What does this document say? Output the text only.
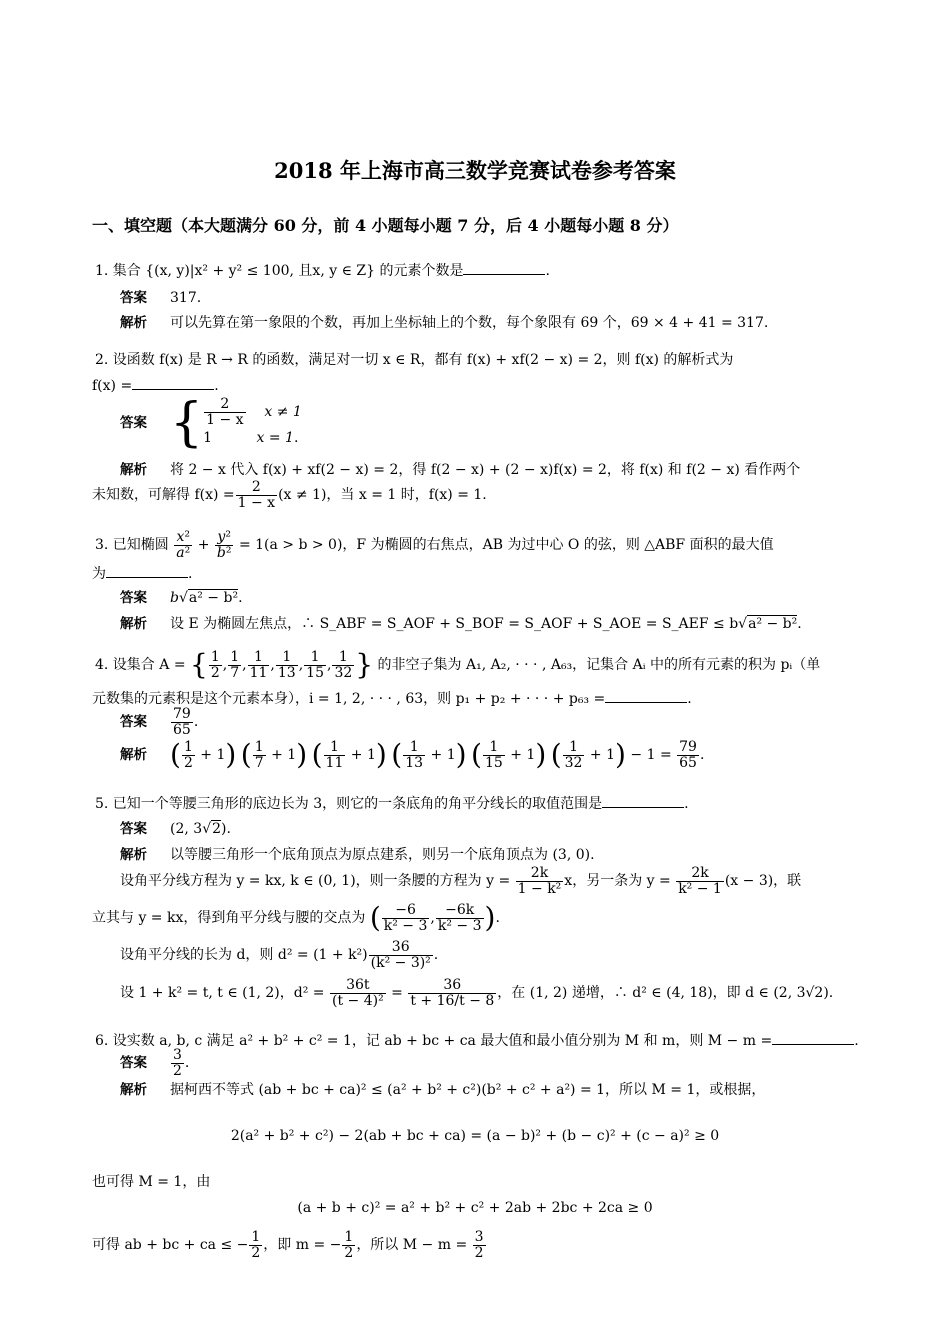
2018 年上海市高三数学竞赛试卷参考答案
一、填空题（本大题满分 60 分，前 4 小题每小题 7 分，后 4 小题每小题 8 分）
1. 集合 {(x, y)|x² + y² ≤ 100, 且x, y ∈ Z} 的元素个数是	.
答案 317.
解析 可以先算在第一象限的个数，再加上坐标轴上的个数，每个象限有 69 个，69 × 4 + 41 = 317.
2. 设函数 f(x) 是 R → R 的函数，满足对一切 x ∈ R，都有 f(x) + xf(2 − x) = 2，则 f(x) 的解析式为
f(x) =	.
答案 { $\frac{2}{1 - x}$ x ≠ 1
1	x = 1.
解析 将 2 − x 代入 f(x) + xf(2 − x) = 2，得 f(2 − x) + (2 − x)f(x) = 2，将 f(x) 和 f(2 − x) 看作两个
未知数，可解得 $f(x) = \frac{2}{1 - x} (x \ne 1)$，当 x = 1 时，f(x) = 1.
3. 已知椭圆 $\frac{\text{x²}}{\text{a²}} + \frac{\text{y²}}{\text{b²}} = 1(a > b > 0)$，F 为椭圆的右焦点，AB 为过中心 O 的弦，则 △ABF 面积的最大值
为	.
答案 b√a² − b².
解析 设 E 为椭圆左焦点，∴ S_ABF = S_AOF + S_BOF = S_AOF + S_AOE = S_AEF ≤ b√a² − b².
4. 设集合 A = { $\frac{1}{2}$ , $\frac{1}{7}$ , $\frac{1}{11}$ , $\frac{1}{13}$ , $\frac{1}{15}$ , $\frac{1}{32}$ } 的非空子集为 A₁, A₂, · · · , A₆₃，记集合 Aᵢ 中的所有元素的积为 pᵢ（单
元数集的元素积是这个元素本身），i = 1, 2, · · · , 63，则 p₁ + p₂ + · · · + p₆₃ =	.
答案 $\frac{79}{65}$ .
解析 ( $\frac{1}{2} + 1$) ( $\frac{1}{7} + 1$) ( $\frac{1}{11} + 1$) ( $\frac{1}{13} + 1$) ( $\frac{1}{15} + 1$) ( $\frac{1}{32} + 1) - 1 = \frac{79}{65}$ .
5. 已知一个等腰三角形的底边长为 3，则它的一条底角的角平分线长的取值范围是	.
答案 (2, 3√2).
解析 以等腰三角形一个底角顶点为原点建系，则另一个底角顶点为 (3, 0).
设角平分线方程为 y = kx, k ∈ (0, 1)，则一条腰的方程为 $y = \frac{2k}{\text{1 − k²}}$ x，另一条为 $y = \frac{2k}{\text{k² − 1}} (x - 3)$，联
立其与 y = kx，得到角平分线与腰的交点为 ( $\frac{-6}{\text{k² − 3}}$ , $\frac{-6k}{\text{k² − 3}}$ ).
设角平分线的长为 d，则 $d^2 = (1 + k^2) \frac{36}{\text{(k² − 3)²}}$ .
设 1 + k² = t, t ∈ (1, 2)，$d^2 = \frac{36t}{\text{(t − 4)²}} = \frac{36}{t + 16/t - 8}$ ，在 (1, 2) 递增，∴ d² ∈ (4, 18)，即 d ∈ (2, 3√2).
6. 设实数 a, b, c 满足 a² + b² + c² = 1，记 ab + bc + ca 最大值和最小值分别为 M 和 m，则 M − m =	.
答案 $\frac{3}{2}$ .
解析 据柯西不等式 (ab + bc + ca)² ≤ (a² + b² + c²)(b² + c² + a²) = 1，所以 M = 1，或根据，
2(a² + b² + c²) − 2(ab + bc + ca) = (a − b)² + (b − c)² + (c − a)² ≥ 0
也可得 M = 1，由
(a + b + c)² = a² + b² + c² + 2ab + 2bc + 2ca ≥ 0
可得 ab + bc + ca ≤ − $\frac{1}{2}$ ，即 m = − $\frac{1}{2}$ ，所以 $M - m = \frac{3}{2}$
